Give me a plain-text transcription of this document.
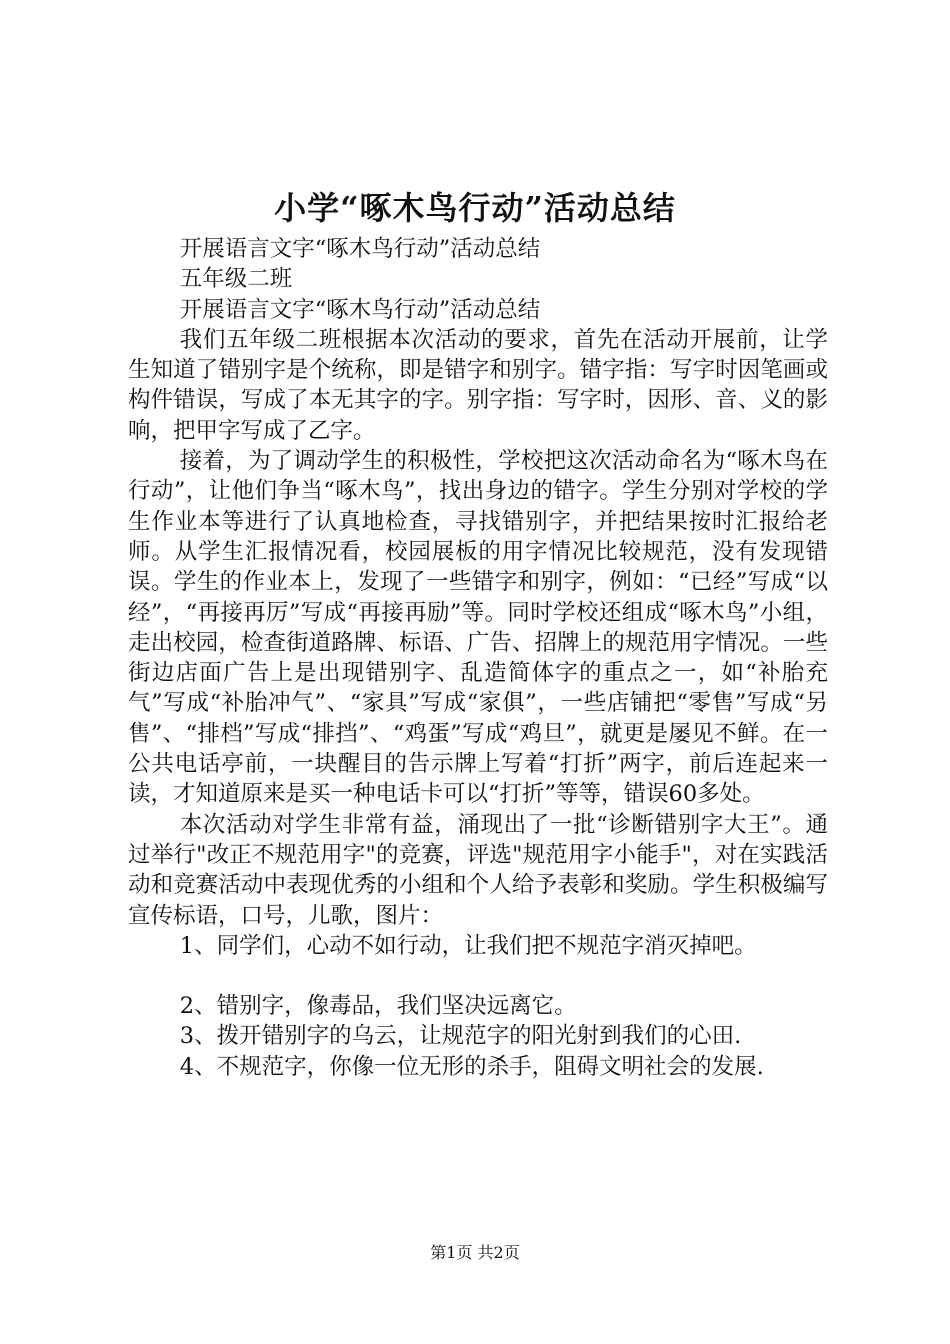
小学“啄木鸟行动”活动总结

开展语言文字“啄木鸟行动”活动总结

五年级二班

开展语言文字“啄木鸟行动”活动总结

我们五年级二班根据本次活动的要求，首先在活动开展前，让学生知道了错别字是个统称，即是错字和别字。错字指：写字时因笔画或构件错误，写成了本无其字的字。别字指：写字时，因形、音、义的影响，把甲字写成了乙字。

接着，为了调动学生的积极性，学校把这次活动命名为“啄木鸟在行动”，让他们争当“啄木鸟”，找出身边的错字。学生分别对学校的学生作业本等进行了认真地检查，寻找错别字，并把结果按时汇报给老师。从学生汇报情况看，校园展板的用字情况比较规范，没有发现错误。学生的作业本上，发现了一些错字和别字，例如：“已经”写成“以经”，“再接再厉”写成“再接再励”等。同时学校还组成“啄木鸟”小组，走出校园，检查街道路牌、标语、广告、招牌上的规范用字情况。一些街边店面广告上是出现错别字、乱造简体字的重点之一，如“补胎充气”写成“补胎冲气”、“家具”写成“家俱”，一些店铺把“零售”写成“另售”、“排档”写成“排挡”、“鸡蛋”写成“鸡旦”，就更是屡见不鲜。在一公共电话亭前，一块醒目的告示牌上写着“打折”两字，前后连起来一读，才知道原来是买一种电话卡可以“打折”等等，错误60多处。

本次活动对学生非常有益，涌现出了一批“诊断错别字大王”。通过举行"改正不规范用字"的竞赛，评选"规范用字小能手"，对在实践活动和竞赛活动中表现优秀的小组和个人给予表彰和奖励。学生积极编写宣传标语，口号，儿歌，图片：

1、同学们，心动不如行动，让我们把不规范字消灭掉吧。

2、错别字，像毒品，我们坚决远离它。

3、拨开错别字的乌云，让规范字的阳光射到我们的心田.

4、不规范字，你像一位无形的杀手，阻碍文明社会的发展.

第1页 共2页
